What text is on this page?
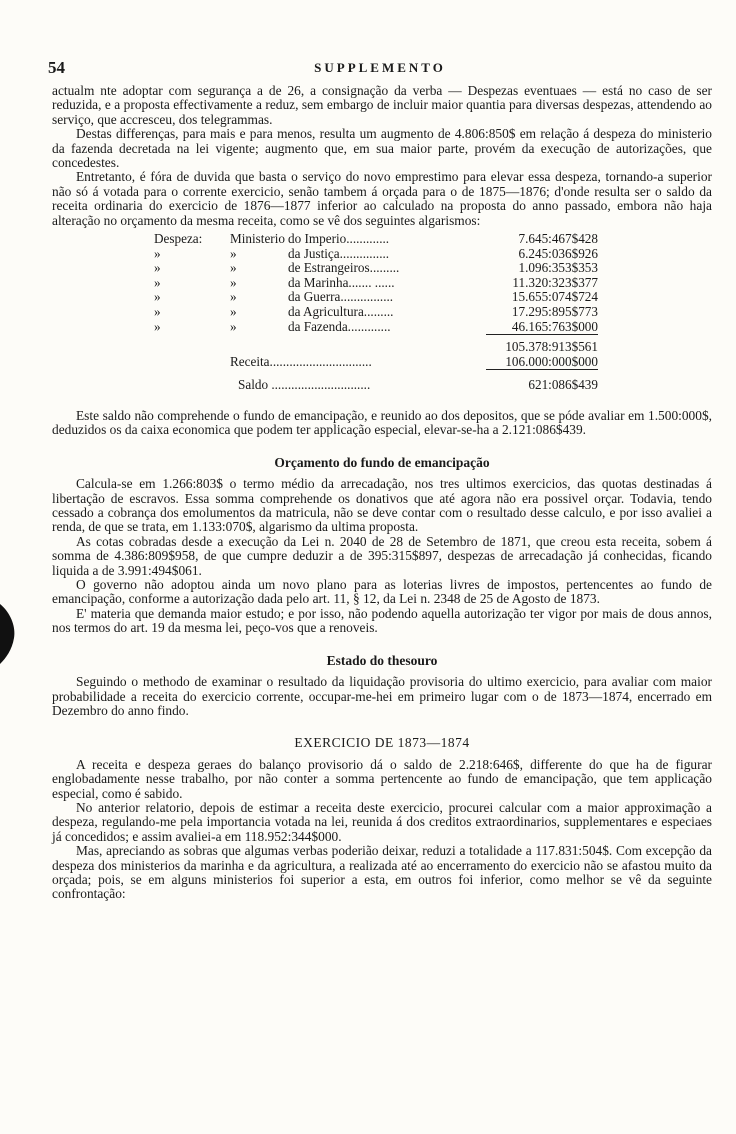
54	SUPPLEMENTO

actualm nte adoptar com segurança a de 26, a consignação da verba — Despezas eventuaes — está no caso de ser reduzida, e a proposta effectivamente a reduz, sem embargo de incluir maior quantia para diversas despezas, attendendo ao serviço, que accresceu, dos telegrammas.

Destas differenças, para mais e para menos, resulta um augmento de 4.806:850$ em relação á despeza do ministerio da fazenda decretada na lei vigente; augmento que, em sua maior parte, provém da execução de autorizações, que concedestes.

Entretanto, é fóra de duvida que basta o serviço do novo emprestimo para elevar essa despeza, tornando-a superior não só á votada para o corrente exercicio, senão tambem á orçada para o de 1875—1876; d'onde resulta ser o saldo da receita ordinaria do exercicio de 1876—1877 inferior ao calculado na proposta do anno passado, embora não haja alteração no orçamento da mesma receita, como se vê dos seguintes algarismos:

Despeza:	Ministerio	do Imperio.............	7.645:467$428
»	»	da Justiça...............	6.245:036$926
»	»	de Estrangeiros.........	1.096:353$353
»	»	da Marinha....... ......	11.320:323$377
»	»	da Guerra................	15.655:074$724
»	»	da Agricultura.........	17.295:895$773
»	»	da Fazenda.............	46.165:763$000
			105.378:913$561
	Receita...............................		106.000:000$000
	Saldo ..............................		621:086$439

Este saldo não comprehende o fundo de emancipação, e reunido ao dos depositos, que se póde avaliar em 1.500:000$, deduzidos os da caixa economica que podem ter applicação especial, elevar-se-ha a 2.121:086$439.

Orçamento do fundo de emancipação

Calcula-se em 1.266:803$ o termo médio da arrecadação, nos tres ultimos exercicios, das quotas destinadas á libertação de escravos. Essa somma comprehende os donativos que até agora não era possivel orçar. Todavia, tendo cessado a cobrança dos emolumentos da matricula, não se deve contar com o resultado desse calculo, e por isso avaliei a renda, de que se trata, em 1.133:070$, algarismo da ultima proposta.

As cotas cobradas desde a execução da Lei n. 2040 de 28 de Setembro de 1871, que creou esta receita, sobem á somma de 4.386:809$958, de que cumpre deduzir a de 395:315$897, despezas de arrecadação já conhecidas, ficando liquida a de 3.991:494$061.

O governo não adoptou ainda um novo plano para as loterias livres de impostos, pertencentes ao fundo de emancipação, conforme a autorização dada pelo art. 11, § 12, da Lei n. 2348 de 25 de Agosto de 1873.

E' materia que demanda maior estudo; e por isso, não podendo aquella autorização ter vigor por mais de dous annos, nos termos do art. 19 da mesma lei, peço-vos que a renoveis.

Estado do thesouro

Seguindo o methodo de examinar o resultado da liquidação provisoria do ultimo exercicio, para avaliar com maior probabilidade a receita do exercicio corrente, occupar-me-hei em primeiro lugar com o de 1873—1874, encerrado em Dezembro do anno findo.

EXERCICIO DE 1873—1874

A receita e despeza geraes do balanço provisorio dá o saldo de 2.218:646$, differente do que ha de figurar englobadamente nesse trabalho, por não conter a somma pertencente ao fundo de emancipação, que tem applicação especial, como é sabido.

No anterior relatorio, depois de estimar a receita deste exercicio, procurei calcular com a maior approximação a despeza, regulando-me pela importancia votada na lei, reunida á dos creditos extraordinarios, supplementares e especiaes já concedidos; e assim avaliei-a em 118.952:344$000.

Mas, apreciando as sobras que algumas verbas poderião deixar, reduzi a totalidade a 117.831:504$. Com excepção da despeza dos ministerios da marinha e da agricultura, a realizada até ao encerramento do exercicio não se afastou muito da orçada; pois, se em alguns ministerios foi superior a esta, em outros foi inferior, como melhor se vê da seguinte confrontação:
